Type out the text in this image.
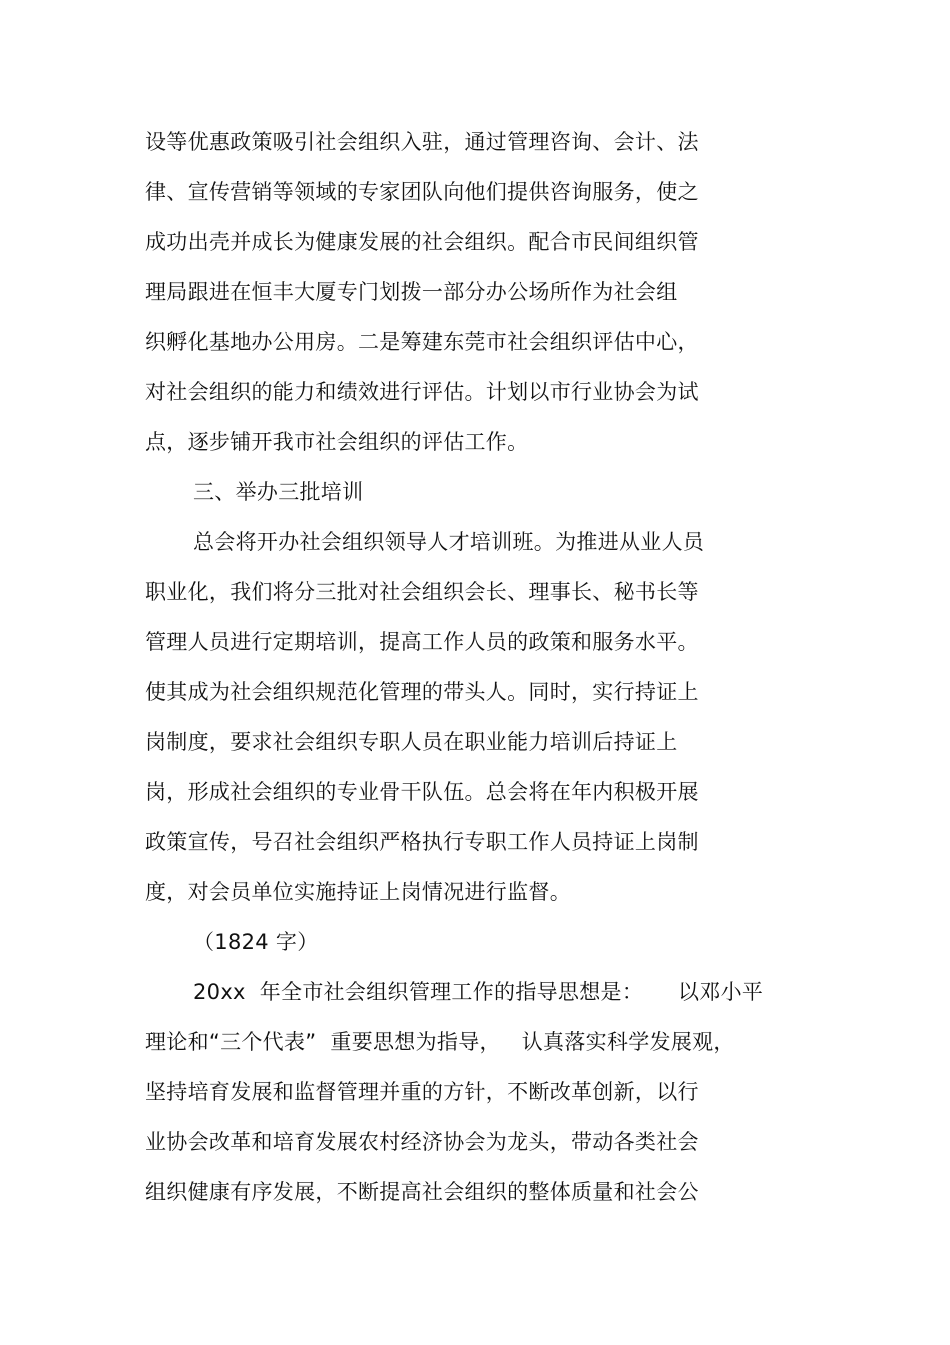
设等优惠政策吸引社会组织入驻，通过管理咨询、会计、法
律、宣传营销等领域的专家团队向他们提供咨询服务，使之
成功出壳并成长为健康发展的社会组织。配合市民间组织管
理局跟进在恒丰大厦专门划拨一部分办公场所作为社会组
织孵化基地办公用房。二是筹建东莞市社会组织评估中心，
对社会组织的能力和绩效进行评估。计划以市行业协会为试
点，逐步铺开我市社会组织的评估工作。
三、举办三批培训
总会将开办社会组织领导人才培训班。为推进从业人员
职业化，我们将分三批对社会组织会长、理事长、秘书长等
管理人员进行定期培训，提高工作人员的政策和服务水平。
使其成为社会组织规范化管理的带头人。同时，实行持证上
岗制度，要求社会组织专职人员在职业能力培训后持证上
岗，形成社会组织的专业骨干队伍。总会将在年内积极开展
政策宣传，号召社会组织严格执行专职工作人员持证上岗制
度，对会员单位实施持证上岗情况进行监督。
（1824 字）
20xx  年全市社会组织管理工作的指导思想是：     以邓小平
理论和“三个代表”  重要思想为指导，   认真落实科学发展观，
坚持培育发展和监督管理并重的方针，不断改革创新，以行
业协会改革和培育发展农村经济协会为龙头，带动各类社会
组织健康有序发展，不断提高社会组织的整体质量和社会公
